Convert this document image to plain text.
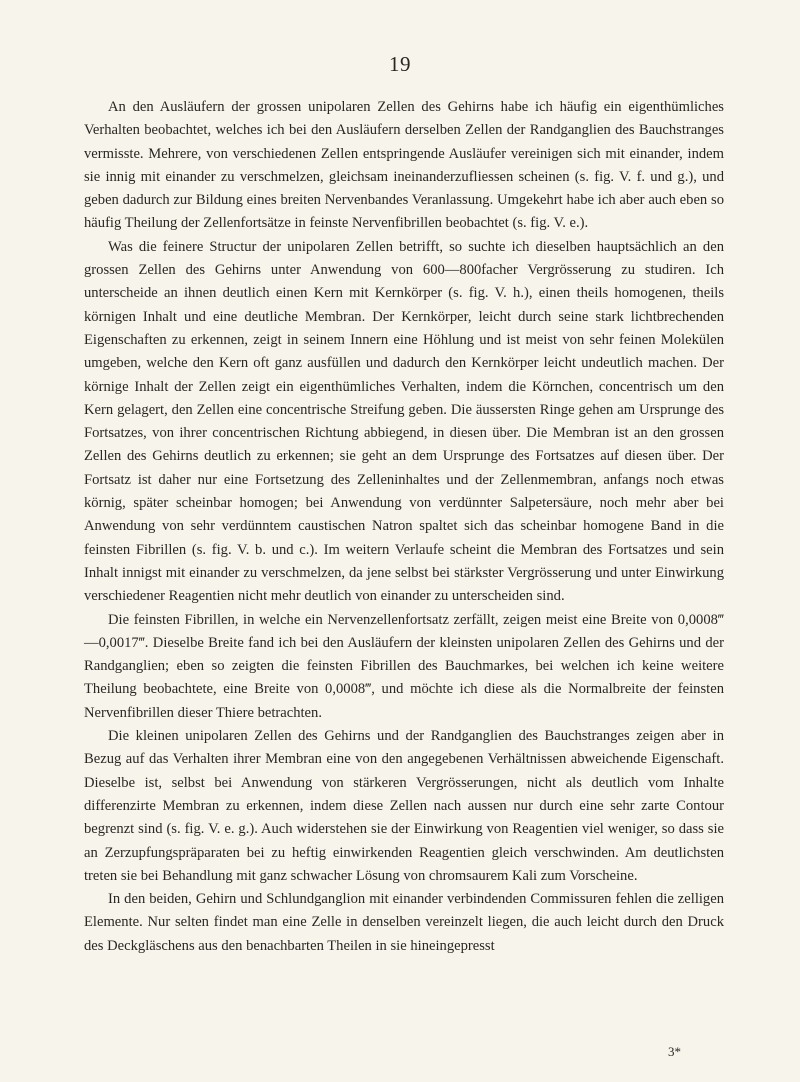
19

An den Ausläufern der grossen unipolaren Zellen des Gehirns habe ich häufig ein eigenthümliches Verhalten beobachtet, welches ich bei den Ausläufern derselben Zellen der Randganglien des Bauchstranges vermisste. Mehrere, von verschiedenen Zellen entspringende Ausläufer vereinigen sich mit einander, indem sie innig mit einander zu verschmelzen, gleichsam ineinanderzufliessen scheinen (s. fig. V. f. und g.), und geben dadurch zur Bildung eines breiten Nervenbandes Veranlassung. Umgekehrt habe ich aber auch eben so häufig Theilung der Zellenfortsätze in feinste Nervenfibrillen beobachtet (s. fig. V. e.).

Was die feinere Structur der unipolaren Zellen betrifft, so suchte ich dieselben hauptsächlich an den grossen Zellen des Gehirns unter Anwendung von 600—800facher Vergrösserung zu studiren. Ich unterscheide an ihnen deutlich einen Kern mit Kernkörper (s. fig. V. h.), einen theils homogenen, theils körnigen Inhalt und eine deutliche Membran. Der Kernkörper, leicht durch seine stark lichtbrechenden Eigenschaften zu erkennen, zeigt in seinem Innern eine Höhlung und ist meist von sehr feinen Molekülen umgeben, welche den Kern oft ganz ausfüllen und dadurch den Kernkörper leicht undeutlich machen. Der körnige Inhalt der Zellen zeigt ein eigenthümliches Verhalten, indem die Körnchen, concentrisch um den Kern gelagert, den Zellen eine concentrische Streifung geben. Die äussersten Ringe gehen am Ursprunge des Fortsatzes, von ihrer concentrischen Richtung abbiegend, in diesen über. Die Membran ist an den grossen Zellen des Gehirns deutlich zu erkennen; sie geht an dem Ursprunge des Fortsatzes auf diesen über. Der Fortsatz ist daher nur eine Fortsetzung des Zelleninhaltes und der Zellenmembran, anfangs noch etwas körnig, später scheinbar homogen; bei Anwendung von verdünnter Salpetersäure, noch mehr aber bei Anwendung von sehr verdünntem caustischen Natron spaltet sich das scheinbar homogene Band in die feinsten Fibrillen (s. fig. V. b. und c.). Im weitern Verlaufe scheint die Membran des Fortsatzes und sein Inhalt innigst mit einander zu verschmelzen, da jene selbst bei stärkster Vergrösserung und unter Einwirkung verschiedener Reagentien nicht mehr deutlich von einander zu unterscheiden sind.

Die feinsten Fibrillen, in welche ein Nervenzellenfortsatz zerfällt, zeigen meist eine Breite von 0,0008‴—0,0017‴. Dieselbe Breite fand ich bei den Ausläufern der kleinsten unipolaren Zellen des Gehirns und der Randganglien; eben so zeigten die feinsten Fibrillen des Bauchmarkes, bei welchen ich keine weitere Theilung beobachtete, eine Breite von 0,0008‴, und möchte ich diese als die Normalbreite der feinsten Nervenfibrillen dieser Thiere betrachten.

Die kleinen unipolaren Zellen des Gehirns und der Randganglien des Bauchstranges zeigen aber in Bezug auf das Verhalten ihrer Membran eine von den angegebenen Verhältnissen abweichende Eigenschaft. Dieselbe ist, selbst bei Anwendung von stärkeren Vergrösserungen, nicht als deutlich vom Inhalte differenzirte Membran zu erkennen, indem diese Zellen nach aussen nur durch eine sehr zarte Contour begrenzt sind (s. fig. V. e. g.). Auch widerstehen sie der Einwirkung von Reagentien viel weniger, so dass sie an Zerzupfungspräparaten bei zu heftig einwirkenden Reagentien gleich verschwinden. Am deutlichsten treten sie bei Behandlung mit ganz schwacher Lösung von chromsaurem Kali zum Vorscheine.

In den beiden, Gehirn und Schlundganglion mit einander verbindenden Commissuren fehlen die zelligen Elemente. Nur selten findet man eine Zelle in denselben vereinzelt liegen, die auch leicht durch den Druck des Deckgläschens aus den benachbarten Theilen in sie hineingepresst

3*
